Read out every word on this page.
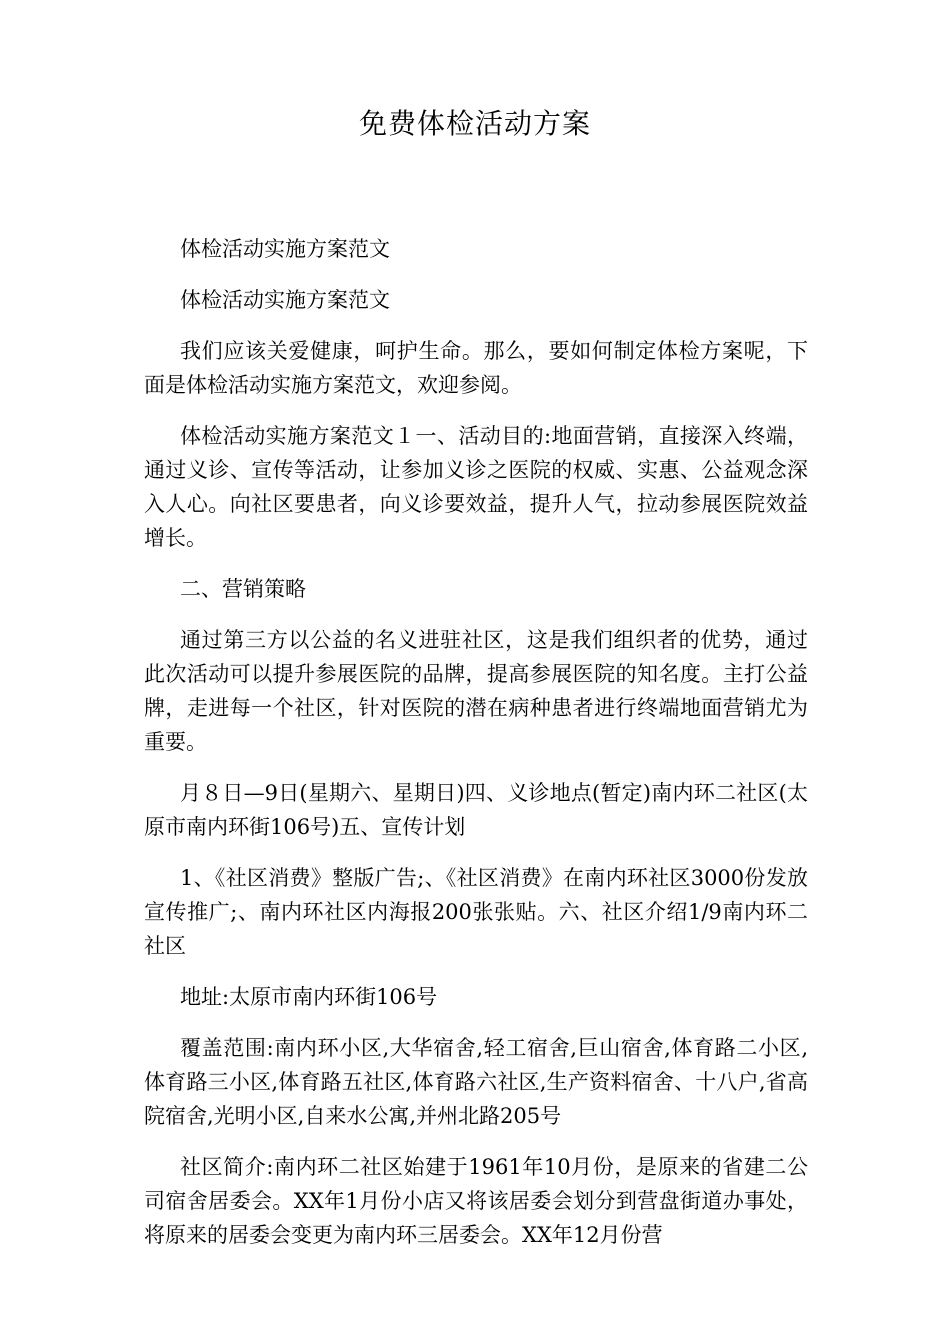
免费体检活动方案

体检活动实施方案范文

体检活动实施方案范文

我们应该关爱健康，呵护生命。那么，要如何制定体检方案呢，下面是体检活动实施方案范文，欢迎参阅。

体检活动实施方案范文１一、活动目的:地面营销，直接深入终端，通过义诊、宣传等活动，让参加义诊之医院的权威、实惠、公益观念深入人心。向社区要患者，向义诊要效益，提升人气，拉动参展医院效益增长。

二、营销策略

通过第三方以公益的名义进驻社区，这是我们组织者的优势，通过此次活动可以提升参展医院的品牌，提高参展医院的知名度。主打公益牌，走进每一个社区，针对医院的潜在病种患者进行终端地面营销尤为重要。

月８日—9日(星期六、星期日)四、义诊地点(暂定)南内环二社区(太原市南内环街106号)五、宣传计划

1、《社区消费》整版广告;、《社区消费》在南内环社区3000份发放宣传推广;、南内环社区内海报200张张贴。六、社区介绍1/9南内环二社区

地址:太原市南内环街106号

覆盖范围:南内环小区,大华宿舍,轻工宿舍,巨山宿舍,体育路二小区,体育路三小区,体育路五社区,体育路六社区,生产资料宿舍、十八户,省高院宿舍,光明小区,自来水公寓,并州北路205号

社区简介:南内环二社区始建于1961年10月份，是原来的省建二公司宿舍居委会。XX年1月份小店又将该居委会划分到营盘街道办事处，将原来的居委会变更为南内环三居委会。XX年12月份营
